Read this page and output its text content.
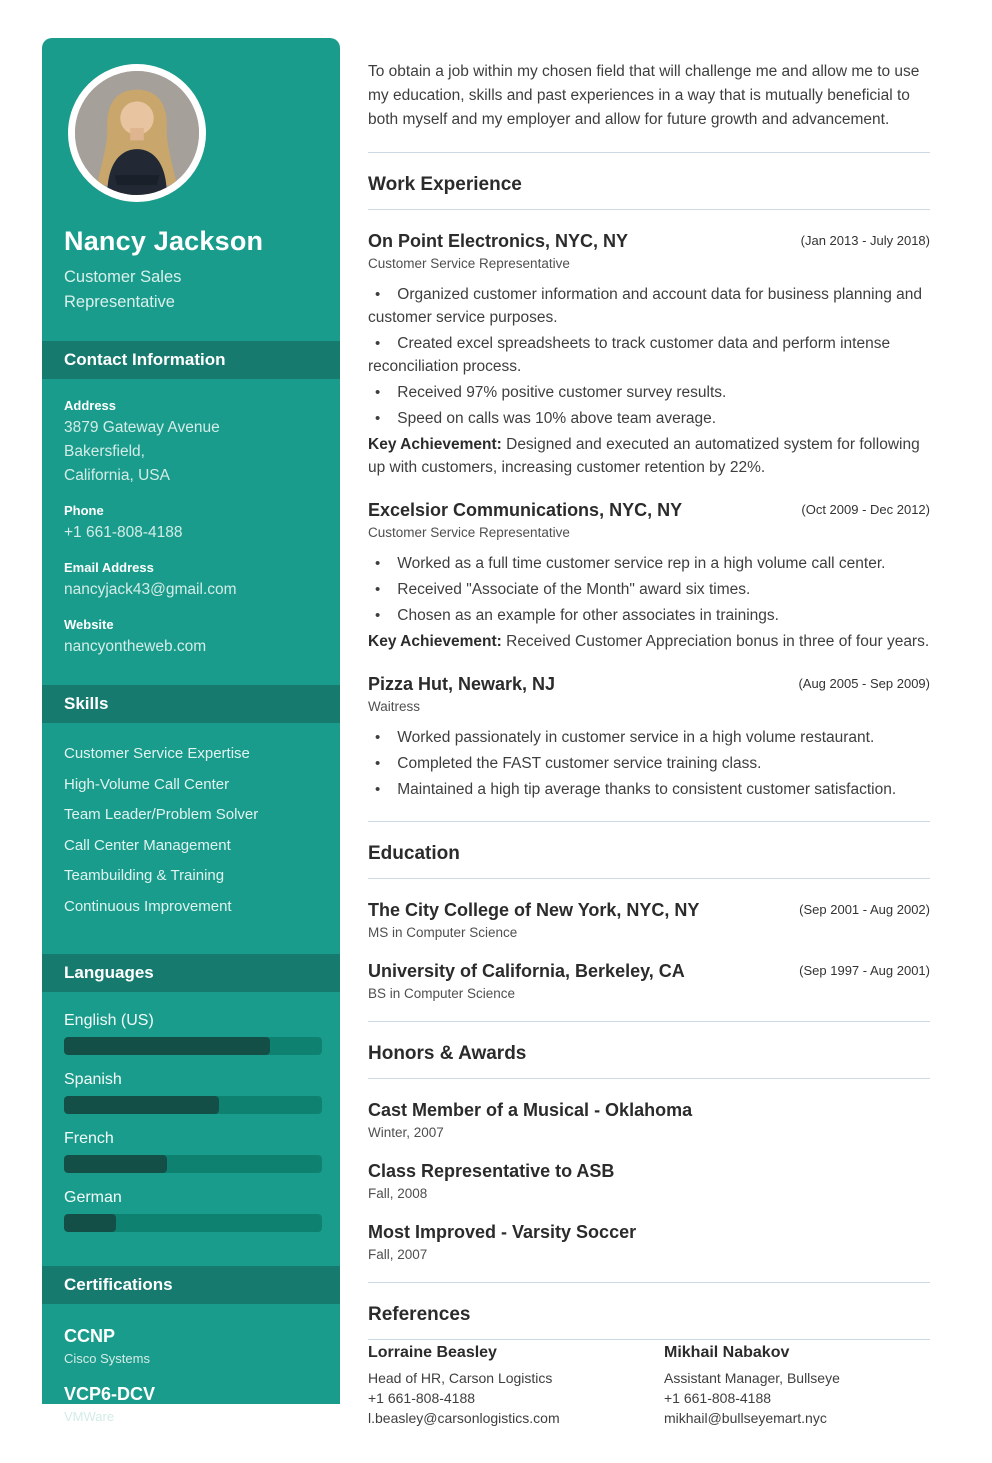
Nancy Jackson
Customer Sales Representative
Contact Information
Address
3879 Gateway Avenue
Bakersfield,
California, USA
Phone
+1 661-808-4188
Email Address
nancyjack43@gmail.com
Website
nancyontheweb.com
Skills
Customer Service Expertise
High-Volume Call Center
Team Leader/Problem Solver
Call Center Management
Teambuilding & Training
Continuous Improvement
Languages
English (US)
Spanish
French
German
Certifications
CCNP
Cisco Systems
VCP6-DCV
VMWare
DCUCI Exam

To obtain a job within my chosen field that will challenge me and allow me to use my education, skills and past experiences in a way that is mutually beneficial to both myself and my employer and allow for future growth and advancement.

Work Experience
On Point Electronics, NYC, NY	(Jan 2013 - July 2018)
Customer Service Representative
• Organized customer information and account data for business planning and customer service purposes.
• Created excel spreadsheets to track customer data and perform intense reconciliation process.
• Received 97% positive customer survey results.
• Speed on calls was 10% above team average.

Key Achievement: Designed and executed an automatized system for following up with customers, increasing customer retention by 22%.

Excelsior Communications, NYC, NY	(Oct 2009 - Dec 2012)
Customer Service Representative
• Worked as a full time customer service rep in a high volume call center.
• Received "Associate of the Month" award six times.
• Chosen as an example for other associates in trainings.

Key Achievement: Received Customer Appreciation bonus in three of four years.

Pizza Hut, Newark, NJ	(Aug 2005 - Sep 2009)
Waitress
• Worked passionately in customer service in a high volume restaurant.
• Completed the FAST customer service training class.
• Maintained a high tip average thanks to consistent customer satisfaction.
Education
The City College of New York, NYC, NY	(Sep 2001 - Aug 2002)
MS in Computer Science
University of California, Berkeley, CA	(Sep 1997 - Aug 2001)
BS in Computer Science
Honors & Awards
Cast Member of a Musical - Oklahoma
Winter, 2007
Class Representative to ASB
Fall, 2008
Most Improved - Varsity Soccer
Fall, 2007
References
Lorraine Beasley
Head of HR, Carson Logistics
+1 661-808-4188
l.beasley@carsonlogistics.com
Mikhail Nabakov
Assistant Manager, Bullseye
+1 661-808-4188
mikhail@bullseyemart.nyc
